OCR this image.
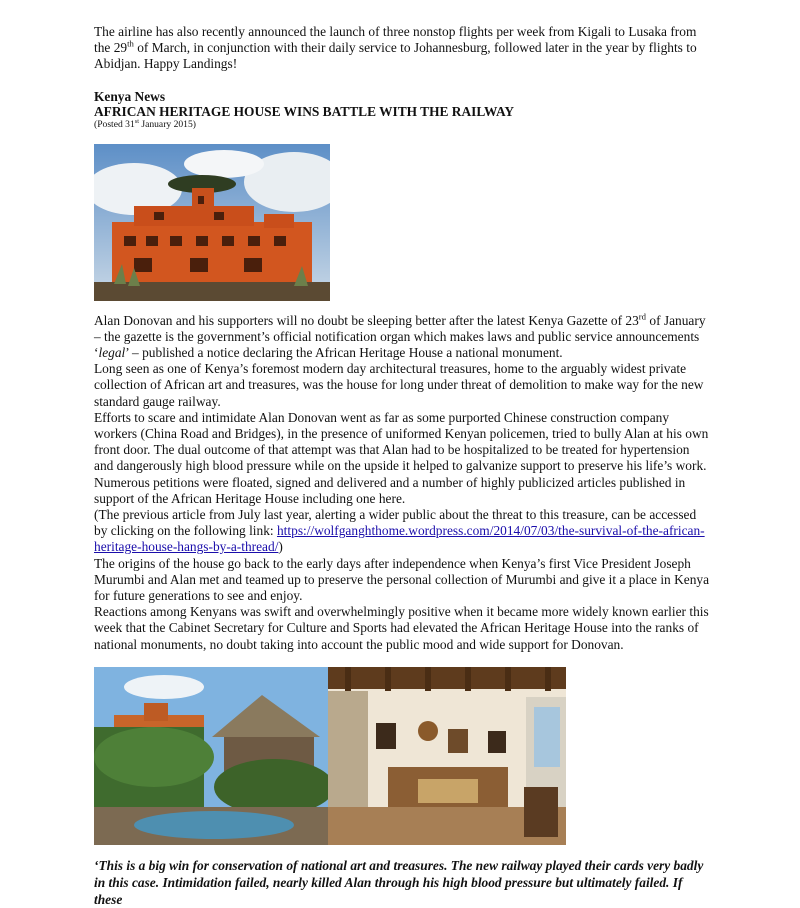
The airline has also recently announced the launch of three nonstop flights per week from Kigali to Lusaka from the 29th of March, in conjunction with their daily service to Johannesburg, followed later in the year by flights to Abidjan. Happy Landings!

Kenya News
AFRICAN HERITAGE HOUSE WINS BATTLE WITH THE RAILWAY
(Posted 31st January 2015)

Alan Donovan and his supporters will no doubt be sleeping better after the latest Kenya Gazette of 23rd of January – the gazette is the government’s official notification organ which makes laws and public service announcements ‘legal’ – published a notice declaring the African Heritage House a national monument.

Long seen as one of Kenya’s foremost modern day architectural treasures, home to the arguably widest private collection of African art and treasures, was the house for long under threat of demolition to make way for the new standard gauge railway.

Efforts to scare and intimidate Alan Donovan went as far as some purported Chinese construction company workers (China Road and Bridges), in the presence of uniformed Kenyan policemen, tried to bully Alan at his own front door. The dual outcome of that attempt was that Alan had to be hospitalized to be treated for hypertension and dangerously high blood pressure while on the upside it helped to galvanize support to preserve his life’s work.

Numerous petitions were floated, signed and delivered and a number of highly publicized articles published in support of the African Heritage House including one here.

(The previous article from July last year, alerting a wider public about the threat to this treasure, can be accessed by clicking on the following link: https://wolfganghthome.wordpress.com/2014/07/03/the-survival-of-the-african-heritage-house-hangs-by-a-thread/)

The origins of the house go back to the early days after independence when Kenya’s first Vice President Joseph Murumbi and Alan met and teamed up to preserve the personal collection of Murumbi and give it a place in Kenya for future generations to see and enjoy.

Reactions among Kenyans was swift and overwhelmingly positive when it became more widely known earlier this week that the Cabinet Secretary for Culture and Sports had elevated the African Heritage House into the ranks of national monuments, no doubt taking into account the public mood and wide support for Donovan.

‘This is a big win for conservation of national art and treasures. The new railway played their cards very badly in this case. Intimidation failed, nearly killed Alan through his high blood pressure but ultimately failed. If these
